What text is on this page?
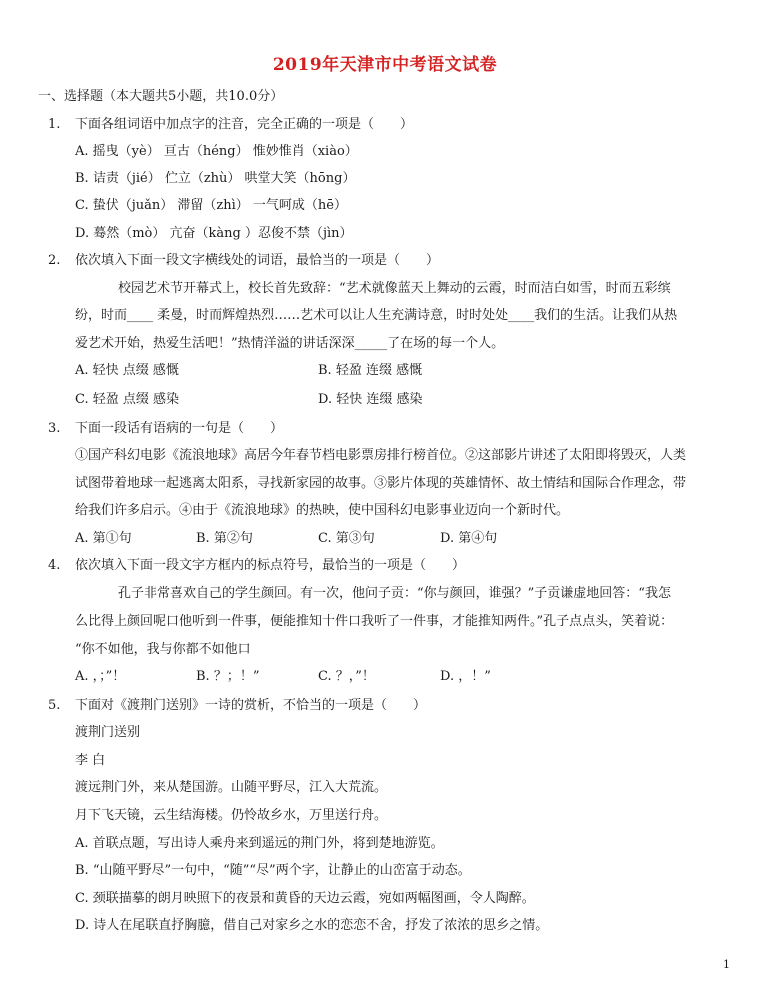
2019年天津市中考语文试卷
一、选择题（本大题共5小题，共10.0分）
1. 下面各组词语中加点字的注音，完全正确的一项是（　　）
A. 摇曳（yè） 亘古（héng） 惟妙惟肖（xiào）
B. 诘责（jié） 伫立（zhù） 哄堂大笑（hōng）
C. 蛰伏（juǎn） 滞留（zhì） 一气呵成（hē）
D. 蓦然（mò） 亢奋（kàng ）忍俊不禁（jìn）
2. 依次填入下面一段文字横线处的词语，最恰当的一项是（　　）
校园艺术节开幕式上，校长首先致辞：“艺术就像蓝天上舞动的云霞，时而洁白如雪，时而五彩缤
纷，时而____ 柔曼，时而辉煌热烈……艺术可以让人生充满诗意，时时处处____我们的生活。让我们从热
爱艺术开始，热爱生活吧！”热情洋溢的讲话深深_____了在场的每一个人。
A. 轻快 点缀 感慨	B. 轻盈 连缀 感慨
C. 轻盈 点缀 感染	D. 轻快 连缀 感染
3. 下面一段话有语病的一句是（　　）
①国产科幻电影《流浪地球》高居今年春节档电影票房排行榜首位。②这部影片讲述了太阳即将毁灭，人类
试图带着地球一起逃离太阳系，寻找新家园的故事。③影片体现的英雄情怀、故土情结和国际合作理念，带
给我们许多启示。④由于《流浪地球》的热映，使中国科幻电影事业迈向一个新时代。
A. 第①句	B. 第②句	C. 第③句	D. 第④句
4. 依次填入下面一段文字方框内的标点符号，最恰当的一项是（　　）
孔子非常喜欢自己的学生颜回。有一次，他问子贡：“你与颜回，谁强？”子贡谦虚地回答：“我怎
么比得上颜回呢口他听到一件事，便能推知十件口我听了一件事，才能推知两件。”孔子点点头，笑着说：
“你不如他，我与你都不如他口
A. ，；”！	B. ？；！”	C. ？，”！	D. ，！”
5. 下面对《渡荆门送别》一诗的赏析，不恰当的一项是（　　）
渡荆门送别
李 白
渡远荆门外，来从楚国游。山随平野尽，江入大荒流。
月下飞天镜，云生结海楼。仍怜故乡水，万里送行舟。
A. 首联点题，写出诗人乘舟来到遥远的荆门外，将到楚地游览。
B. “山随平野尽”一句中，“随”“尽”两个字，让静止的山峦富于动态。
C. 颈联描摹的朗月映照下的夜景和黄昏的天边云霞，宛如两幅图画，令人陶醉。
D. 诗人在尾联直抒胸臆，借自己对家乡之水的恋恋不舍，抒发了浓浓的思乡之情。
1
